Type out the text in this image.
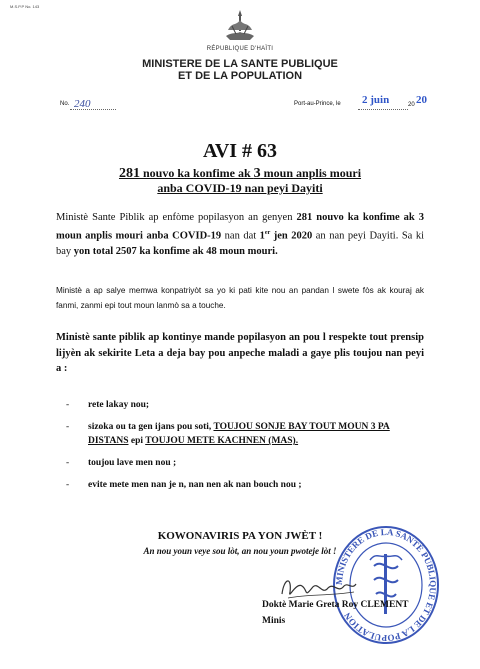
M.S.P.P No. 143
RÉPUBLIQUE D'HAÏTI
MINISTERE DE LA SANTE PUBLIQUE
ET DE LA POPULATION
No. 240	Port-au-Prince, le 2 juin	20 20
AVI # 63
281 nouvo ka konfime ak 3 moun anplis mouri
anba COVID-19 nan peyi Dayiti
Ministè Sante Piblik ap enfòme popilasyon an genyen 281 nouvo ka konfime ak 3 moun anplis mouri anba COVID-19 nan dat 1er jen 2020 an nan peyi Dayiti. Sa ki bay yon total 2507 ka konfime ak 48 moun mouri.
Ministè a ap salye memwa konpatriyòt sa yo ki pati kite nou an pandan l swete fòs ak kouraj ak fanmi, zanmi epi tout moun lanmò sa a touche.
Ministè sante piblik ap kontinye mande popilasyon an pou l respekte tout prensip lijyèn ak sekirite Leta a deja bay pou anpeche maladi a gaye plis toujou nan peyi a :
- rete lakay nou;
- sizoka ou ta gen ijans pou soti, TOUJOU SONJE BAY TOUT MOUN 3 PA DISTANS epi TOUJOU METE KACHNEN (MAS).
- toujou lave men nou ;
- evite mete men nan je n, nan nen ak nan bouch nou ;
KOWONAVIRIS PA YON JWÈT !
An nou youn veye sou lòt, an nou youn pwoteje lòt !
MINISTÈRE DE LA SANTÉ PUBLIQUE ET DE LA POPULATION
Doktè Marie Greta Roy CLEMENT
Minis
